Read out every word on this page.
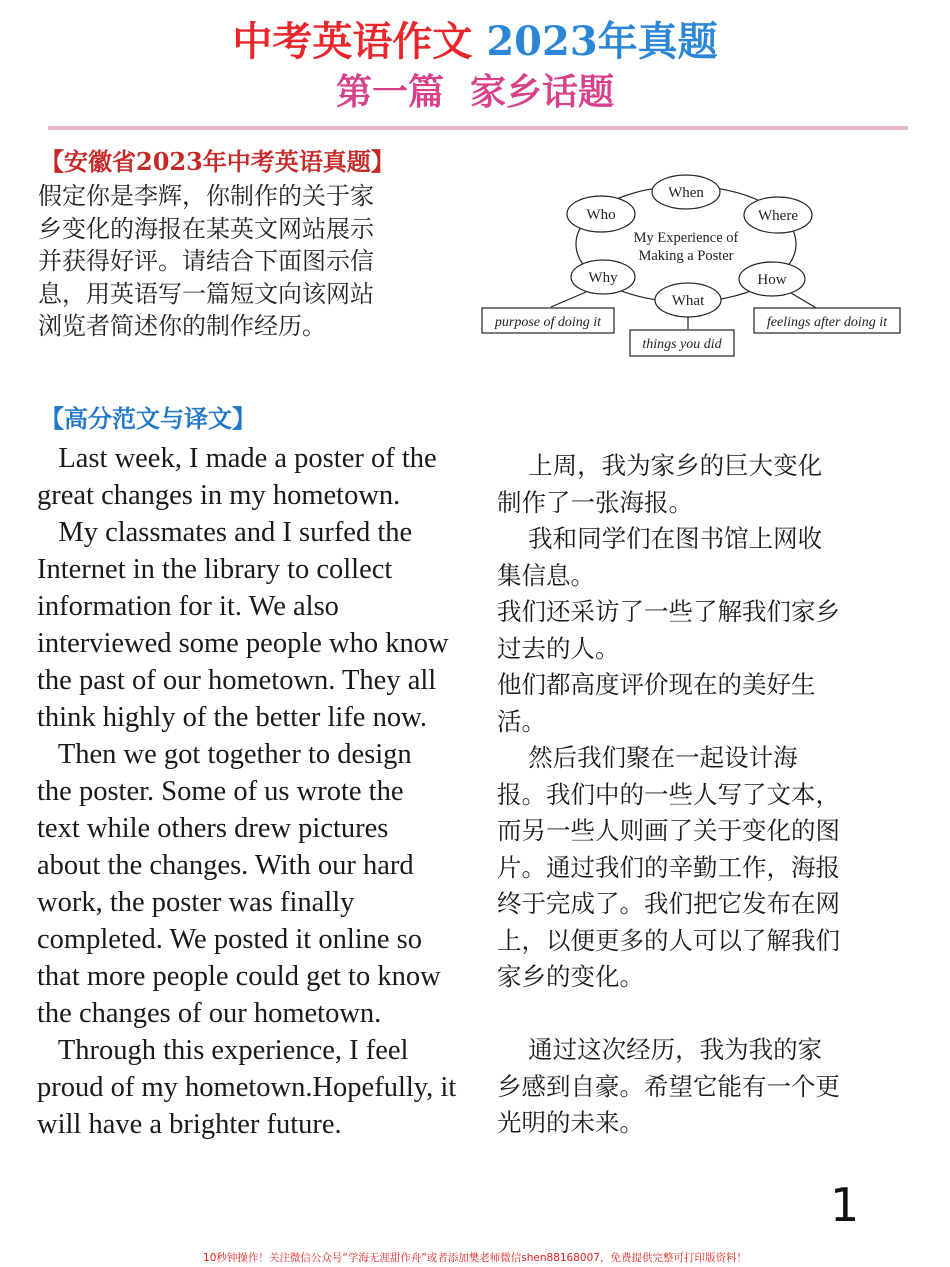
中考英语作文 2023年真题
第一篇 家乡话题
【安徽省2023年中考英语真题】
假定你是李辉，你制作的关于家
乡变化的海报在某英文网站展示
并获得好评。请结合下面图示信
息，用英语写一篇短文向该网站
浏览者简述你的制作经历。
My Experience of
Making a Poster
When
Who	Where
Why	How
What
purpose of doing it
things you did
feelings after doing it
【高分范文与译文】
Last week, I made a poster of the
great changes in my hometown.
My classmates and I surfed the
Internet in the library to collect
information for it. We also
interviewed some people who know
the past of our hometown. They all
think highly of the better life now.
Then we got together to design
the poster. Some of us wrote the
text while others drew pictures
about the changes. With our hard
work, the poster was finally
completed. We posted it online so
that more people could get to know
the changes of our hometown.
Through this experience, I feel
proud of my hometown.Hopefully, it
will have a brighter future.
上周，我为家乡的巨大变化
制作了一张海报。
我和同学们在图书馆上网收
集信息。
我们还采访了一些了解我们家乡
过去的人。
他们都高度评价现在的美好生
活。
然后我们聚在一起设计海
报。我们中的一些人写了文本，
而另一些人则画了关于变化的图
片。通过我们的辛勤工作，海报
终于完成了。我们把它发布在网
上，以便更多的人可以了解我们
家乡的变化。
通过这次经历，我为我的家
乡感到自豪。希望它能有一个更
光明的未来。
1
10秒钟操作！关注微信公众号“学海无涯甜作舟”或者添加樊老师微信shen88168007，免费提供完整可打印版资料！
